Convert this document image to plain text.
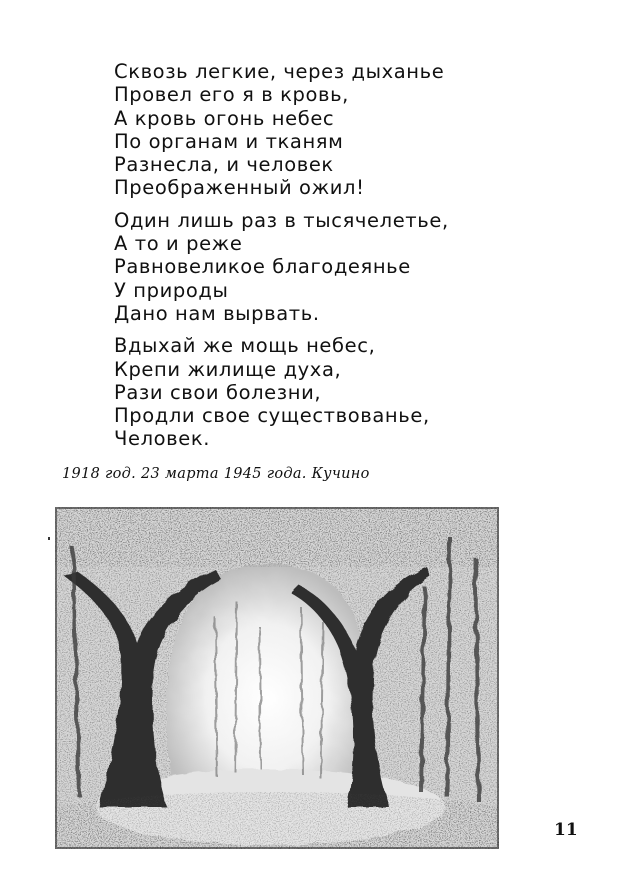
Сквозь легкие, через дыханье
Провел его я в кровь,
А кровь огонь небес
По органам и тканям
Разнесла, и человек
Преображенный ожил!
Один лишь раз в тысячелетье,
А то и реже
Равновеликое благодеянье
У природы
Дано нам вырвать.
Вдыхай же мощь небес,
Крепи жилище духа,
Рази свои болезни,
Продли свое существованье,
Человек.
1918 год. 23 марта 1945 года. Кучино
11
